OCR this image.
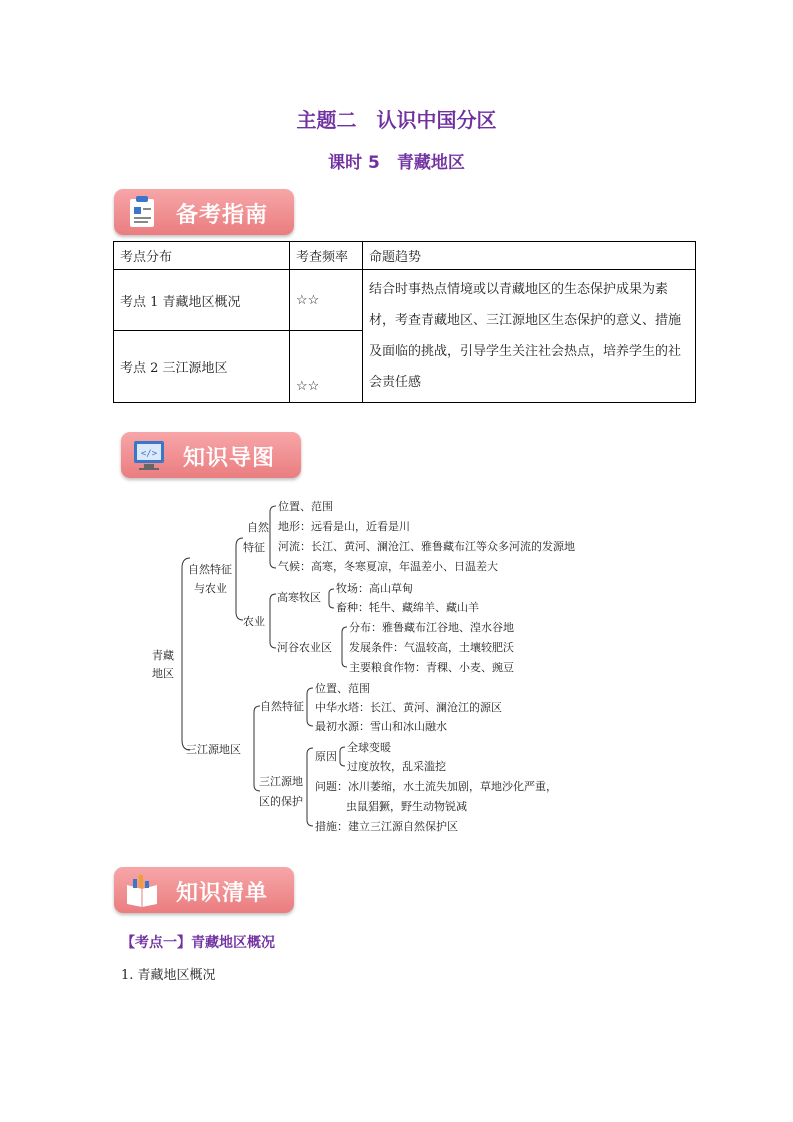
主题二　认识中国分区
课时 5　青藏地区
备考指南
考点分布	考查频率	命题趋势
考点 1 青藏地区概况	☆☆	结合时事热点情境或以青藏地区的生态保护成果为素材，考查青藏地区、三江源地区生态保护的意义、措施及面临的挑战，引导学生关注社会热点，培养学生的社会责任感
考点 2 三江源地区	☆☆	
</> 知识导图
青藏
地区
自然特征
与农业
自然
特征
位置、范围
地形：远看是山，近看是川
河流：长江、黄河、澜沧江、雅鲁藏布江等众多河流的发源地
气候：高寒，冬寒夏凉，年温差小、日温差大
农业
高寒牧区
牧场：高山草甸
畜种：牦牛、藏绵羊、藏山羊
河谷农业区
分布：雅鲁藏布江谷地、湟水谷地
发展条件：气温较高，土壤较肥沃
主要粮食作物：青稞、小麦、豌豆
三江源地区
自然特征
位置、范围
中华水塔：长江、黄河、澜沧江的源区
最初水源：雪山和冰山融水
三江源地
区的保护
原因
全球变暖
过度放牧，乱采滥挖
问题：冰川萎缩，水土流失加剧，草地沙化严重，
虫鼠猖獗，野生动物锐减
措施：建立三江源自然保护区
知识清单
【考点一】青藏地区概况
1. 青藏地区概况
